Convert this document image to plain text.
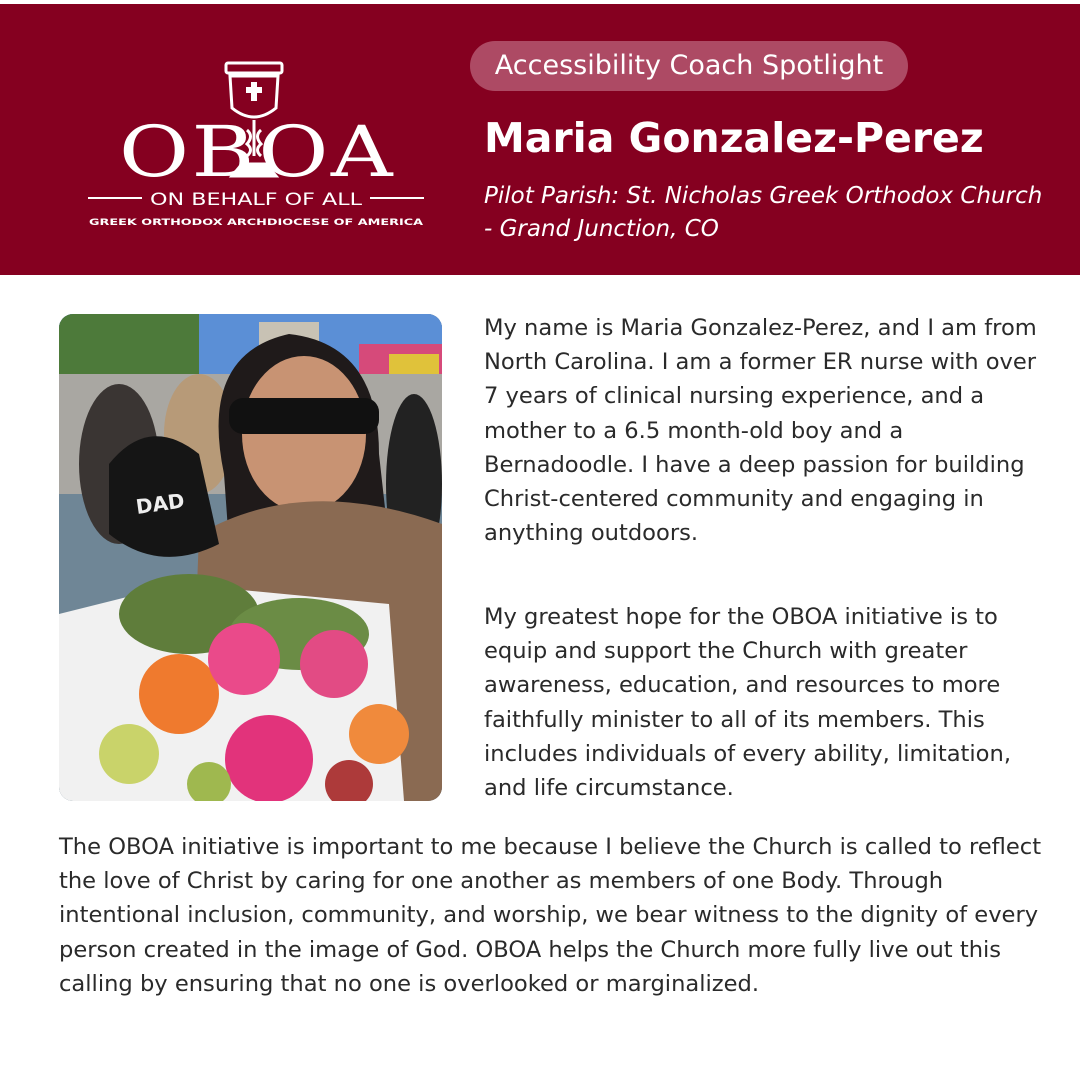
OBOA
ON BEHALF OF ALL
GREEK ORTHODOX ARCHDIOCESE OF AMERICA
Accessibility Coach Spotlight
Maria Gonzalez-Perez
Pilot Parish: St. Nicholas Greek Orthodox Church - Grand Junction, CO
DAD

My name is Maria Gonzalez-Perez, and I am from North Carolina. I am a former ER nurse with over 7 years of clinical nursing experience, and a mother to a 6.5 month-old boy and a Bernadoodle. I have a deep passion for building Christ-centered community and engaging in anything outdoors.

My greatest hope for the OBOA initiative is to equip and support the Church with greater awareness, education, and resources to more faithfully minister to all of its members. This includes individuals of every ability, limitation, and life circumstance.

The OBOA initiative is important to me because I believe the Church is called to reflect the love of Christ by caring for one another as members of one Body. Through intentional inclusion, community, and worship, we bear witness to the dignity of every person created in the image of God. OBOA helps the Church more fully live out this calling by ensuring that no one is overlooked or marginalized.
